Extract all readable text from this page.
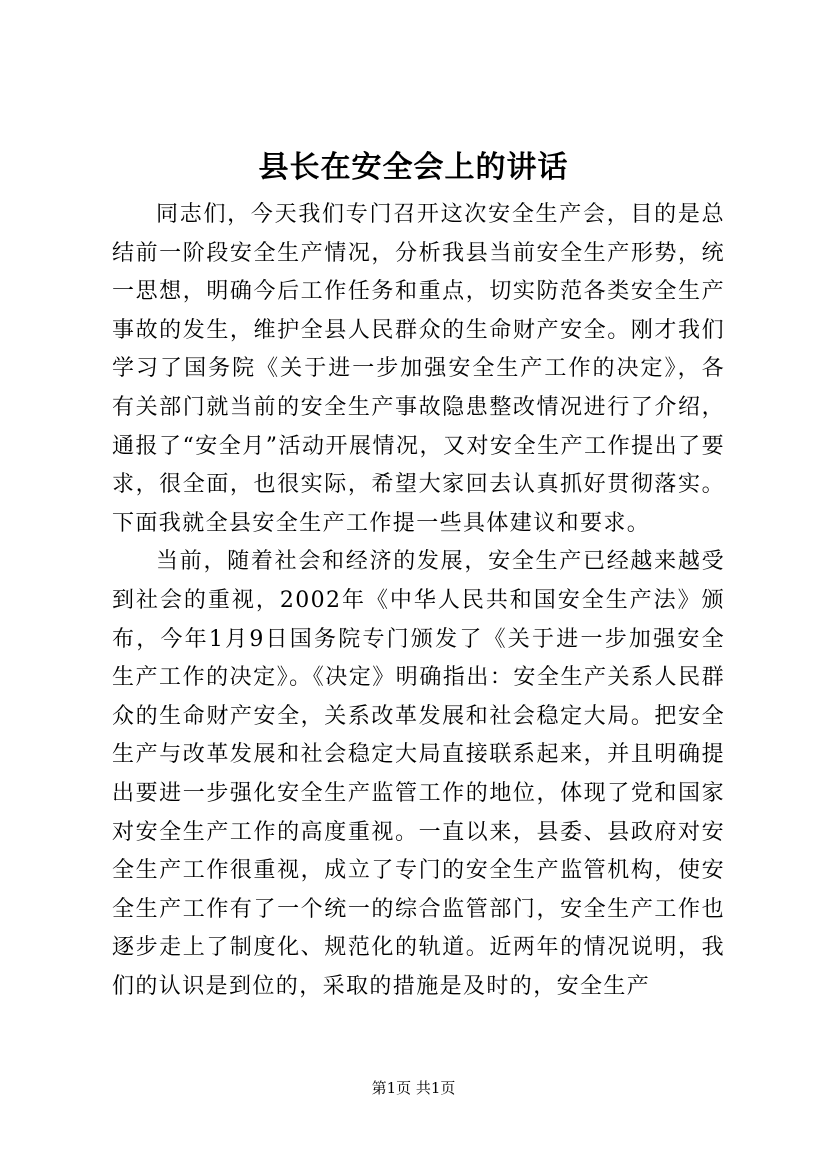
县长在安全会上的讲话

同志们，今天我们专门召开这次安全生产会，目的是总结前一阶段安全生产情况，分析我县当前安全生产形势，统一思想，明确今后工作任务和重点，切实防范各类安全生产事故的发生，维护全县人民群众的生命财产安全。刚才我们学习了国务院《关于进一步加强安全生产工作的决定》，各有关部门就当前的安全生产事故隐患整改情况进行了介绍，通报了“安全月”活动开展情况，又对安全生产工作提出了要求，很全面，也很实际，希望大家回去认真抓好贯彻落实。下面我就全县安全生产工作提一些具体建议和要求。

当前，随着社会和经济的发展，安全生产已经越来越受到社会的重视，2002年《中华人民共和国安全生产法》颁布，今年1月9日国务院专门颁发了《关于进一步加强安全生产工作的决定》。《决定》明确指出：安全生产关系人民群众的生命财产安全，关系改革发展和社会稳定大局。把安全生产与改革发展和社会稳定大局直接联系起来，并且明确提出要进一步强化安全生产监管工作的地位，体现了党和国家对安全生产工作的高度重视。一直以来，县委、县政府对安全生产工作很重视，成立了专门的安全生产监管机构，使安全生产工作有了一个统一的综合监管部门，安全生产工作也逐步走上了制度化、规范化的轨道。近两年的情况说明，我们的认识是到位的，采取的措施是及时的，安全生产

第1页 共1页
